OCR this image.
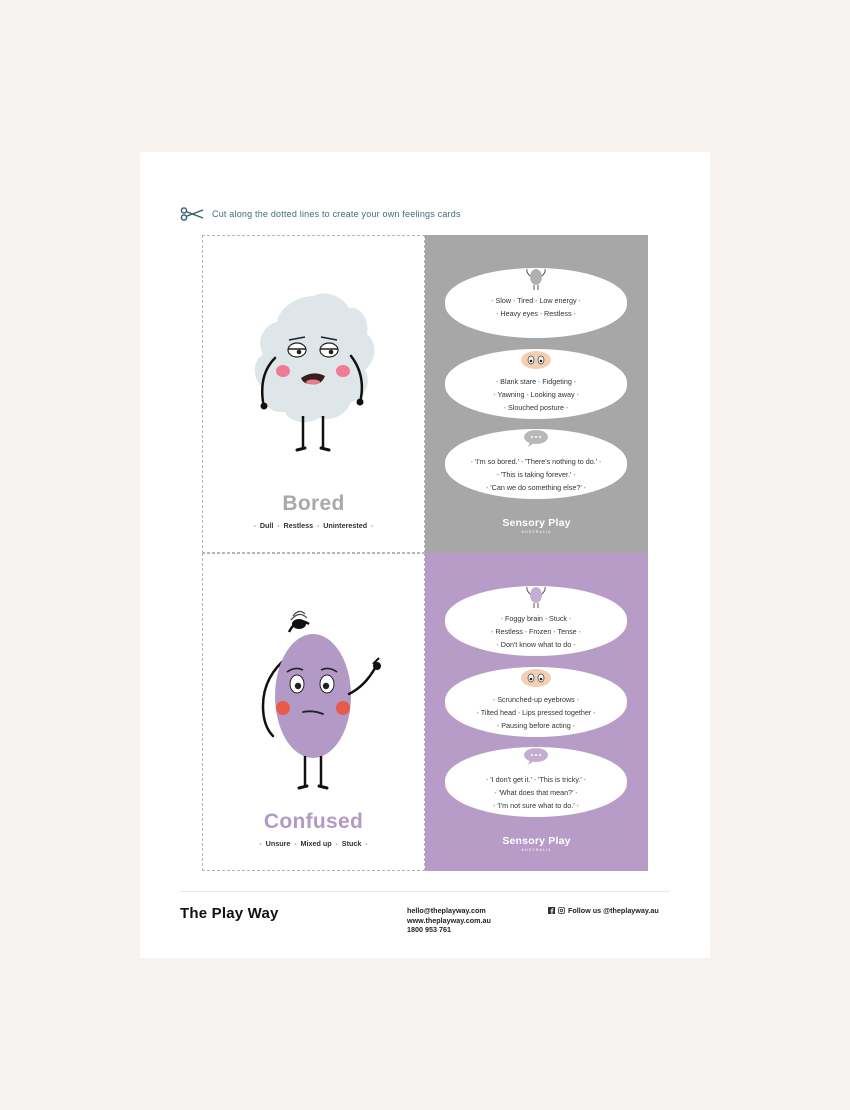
Cut along the dotted lines to create your own feelings cards
Bored
• Dull • Restless • Uninterested •
• Slow • Tired • Low energy •
• Heavy eyes • Restless •
• Blank stare • Fidgeting •
• Yawning • Looking away •
• Slouched posture •
• 'I'm so bored.' • 'There's nothing to do.' •
• 'This is taking forever.' •
• 'Can we do something else?' •
Sensory Play
AUSTRALIA
Confused
• Unsure • Mixed up • Stuck •
• Foggy brain • Stuck •
• Restless • Frozen • Tense •
• Don't know what to do •
• Scrunched-up eyebrows •
• Tilted head • Lips pressed together •
• Pausing before acting •
• 'I don't get it.' • 'This is tricky.' •
• 'What does that mean?' •
• 'I'm not sure what to do.' •
Sensory Play
AUSTRALIA
The Play Way	hello@theplayway.com
www.theplayway.com.au
1800 953 761
Follow us @theplayway.au
